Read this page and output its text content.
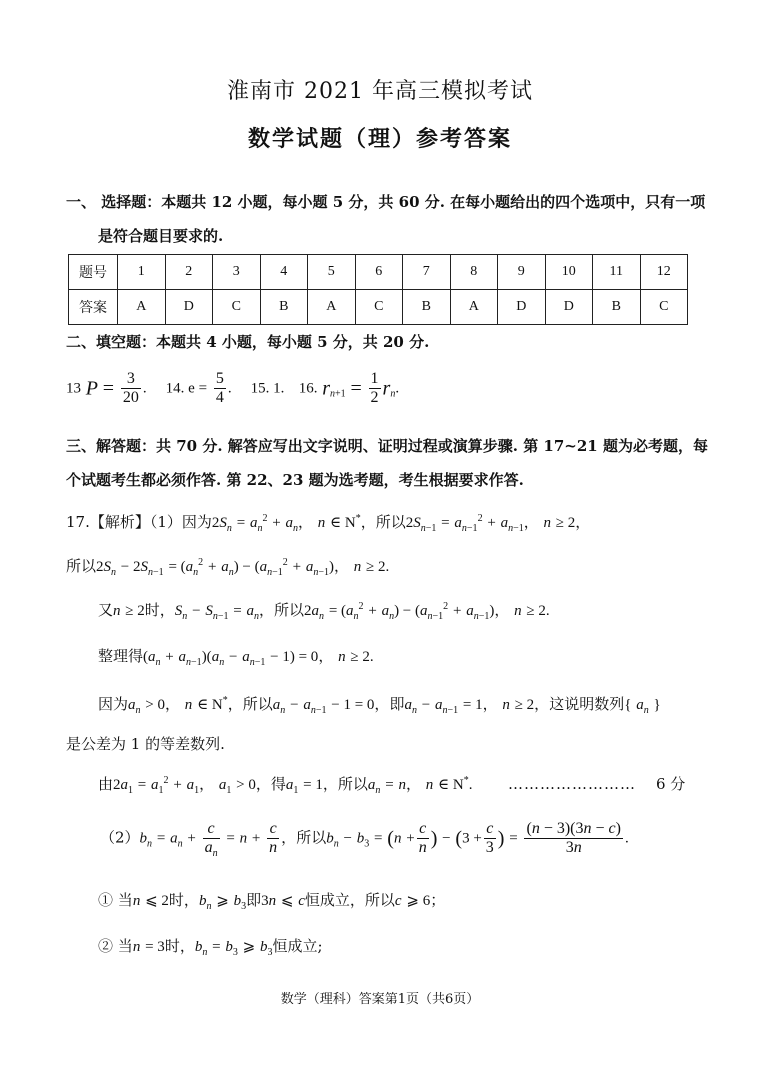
淮南市 2021 年高三模拟考试
数学试题（理）参考答案
一、 选择题：本题共 12 小题，每小题 5 分，共 60 分. 在每小题给出的四个选项中，只有一项
是符合题目要求的.
题号	1	2	3	4	5	6	7	8	9	10	11	12
答案	A	D	C	B	A	C	B	A	D	D	B	C
二、填空题：本题共 4 小题，每小题 5 分，共 20 分.
13 $P = \frac{3}{20}$ . 14. $e = \frac{5}{4}$ . 15. 1. 16. $r_{n+1} = \frac{1}{2} r_n$.
三、解答题：共 70 分. 解答应写出文字说明、证明过程或演算步骤. 第 17~21 题为必考题，每
个试题考生都必须作答. 第 22、23 题为选考题，考生根据要求作答.
17.【解析】（1）因为$2S_n = a_n^2 + a_n$， n ∈ N*，所以$2S_{n-1} = a_{n-1}^2 + a_{n-1}$， n ≥ 2，
所以$2S_n - 2S_{n-1} = (a_n^2 + a_n) - (a_{n-1}^2 + a_{n-1})$， n ≥ 2.
又n ≥ 2时，$S_n - S_{n-1} = a_n$，所以$2a_n = (a_n^2 + a_n) - (a_{n-1}^2 + a_{n-1})$， n ≥ 2.
整理得$(a_n + a_{n-1})(a_n - a_{n-1} - 1) = 0$， n ≥ 2.
因为$a_n > 0$， n ∈ N*，所以$a_n - a_{n-1} - 1 = 0$，即$a_n - a_{n-1} = 1$， n ≥ 2，这说明数列{ $a_n$ }
是公差为 1 的等差数列.
由$2a_1 = a_1^2 + a_1$， $a_1 > 0$，得$a_1 = 1$，所以$a_n = n$， n ∈ N*. …………………… 6 分
$(2)b_n = a_n + \frac{c}{a_n} = n + \frac{c}{n}$ ，所以$b_n - b_3 = (n + \frac{c}{n}$ ) − ($3 + \frac{c}{3}$ ) = $\frac{(n - 3)(3n - c)}{3n}$ .
① 当n ⩽ 2时，$b_n$ ⩾ $b_3$即3n ⩽ c恒成立，所以c ⩾ 6；
② 当n = 3时，$b_n = b_3$ ⩾ $b_3$恒成立;
数学（理科）答案第1页（共6页）
